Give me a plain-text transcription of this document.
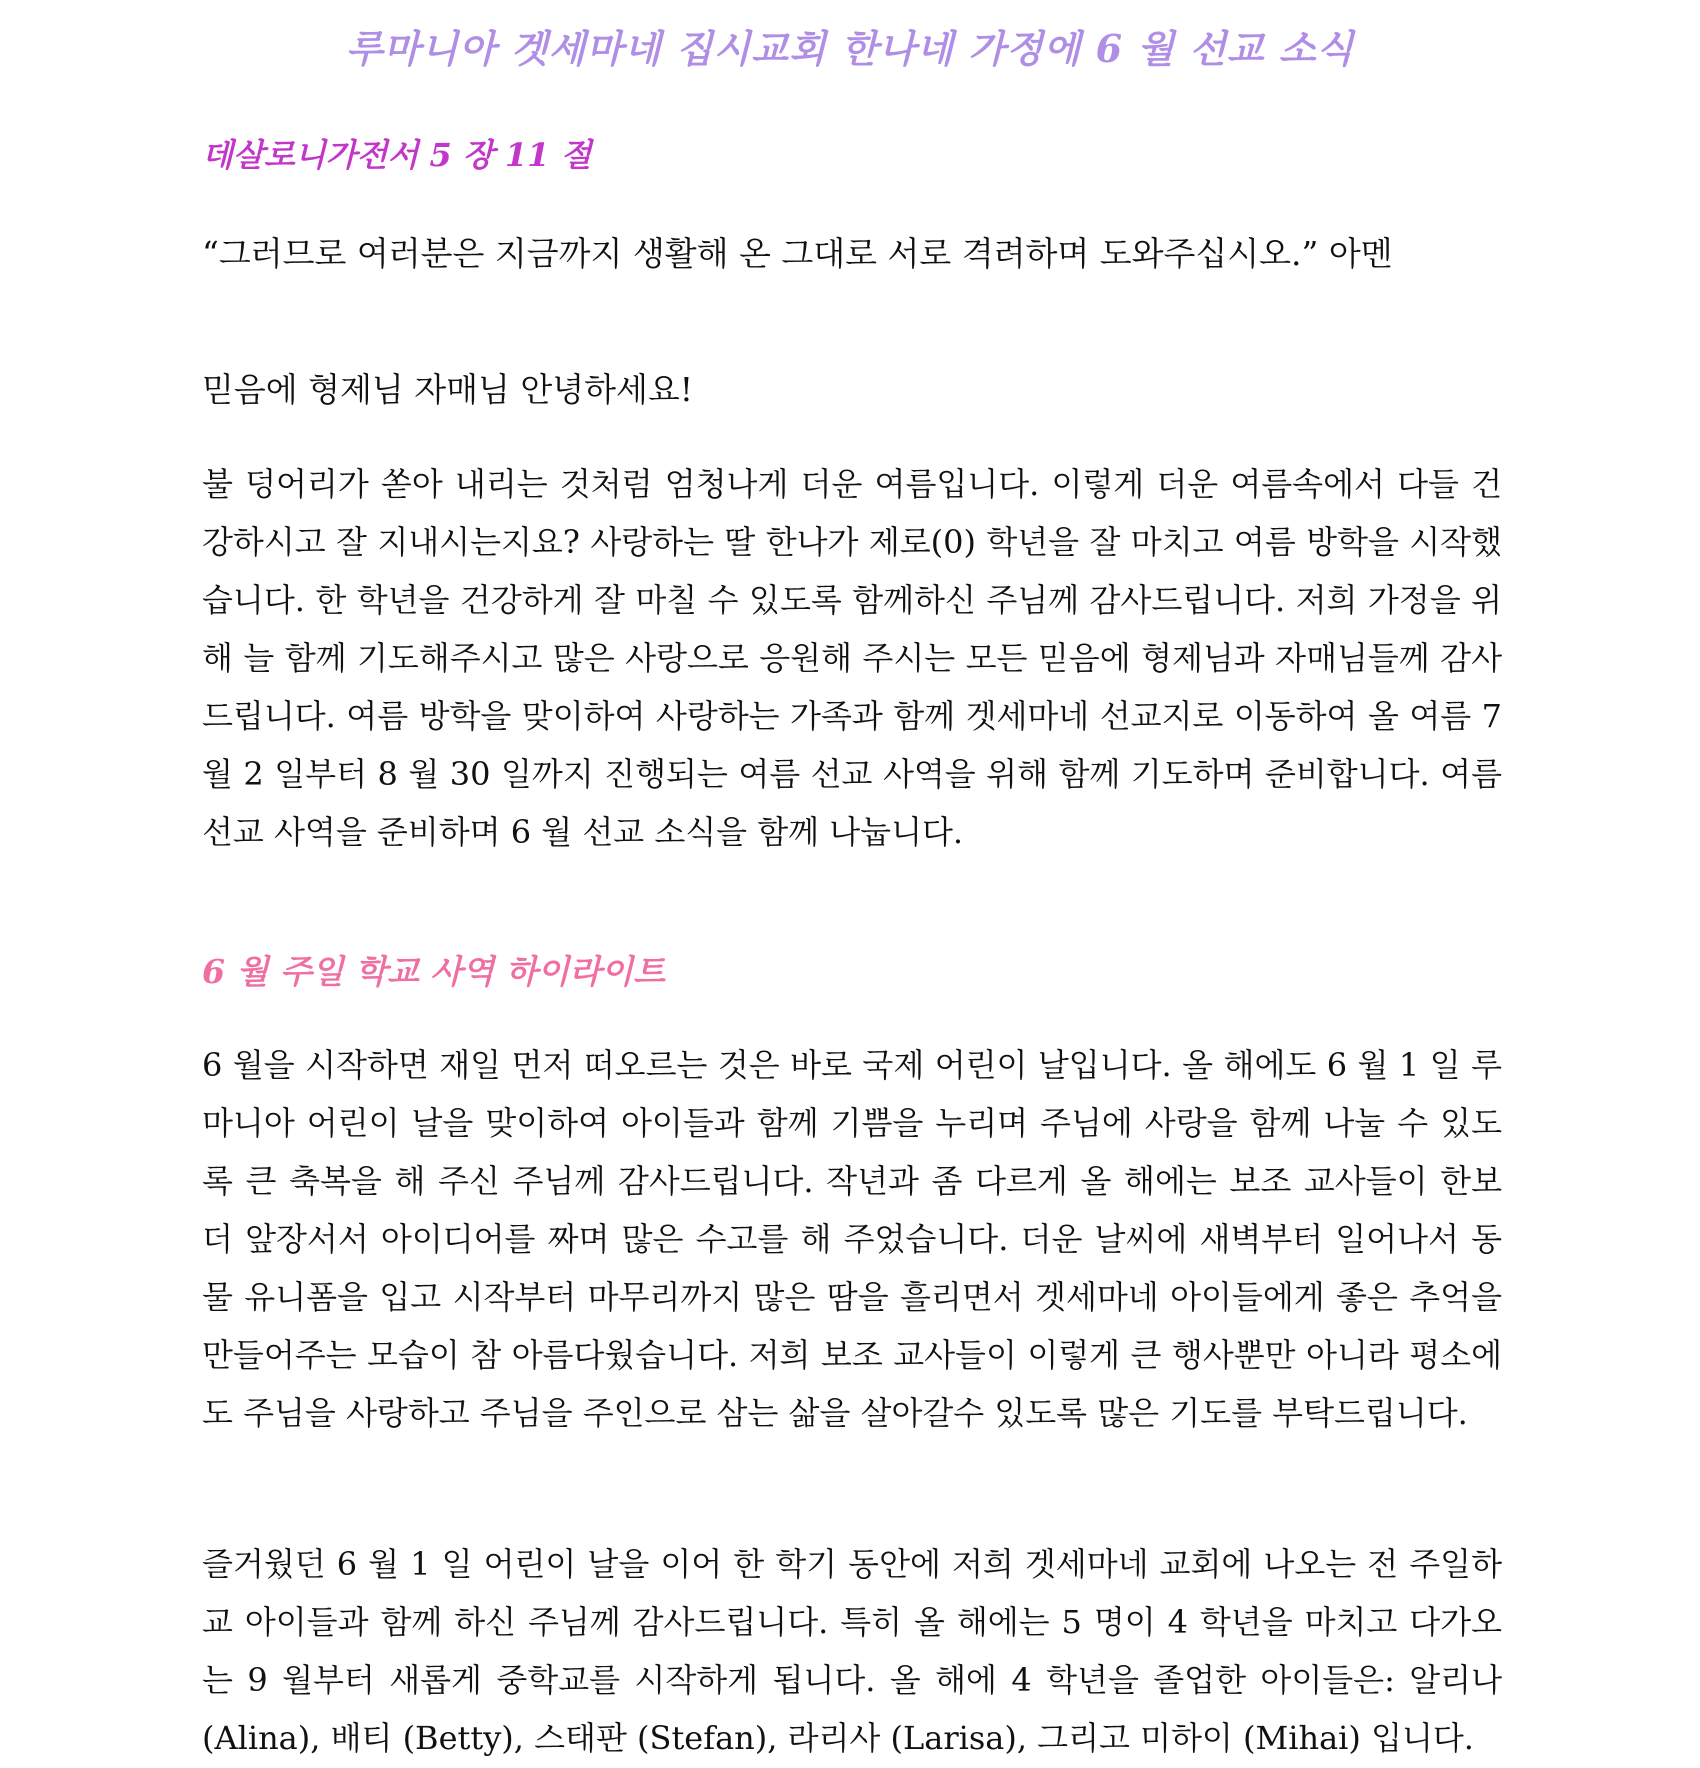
루마니아 겟세마네 집시교회 한나네 가정에 6 월 선교 소식
데살로니가전서 5 장 11 절
“그러므로 여러분은 지금까지 생활해 온 그대로 서로 격려하며 도와주십시오.” 아멘
믿음에 형제님 자매님 안녕하세요!
불 덩어리가 쏟아 내리는 것처럼 엄청나게 더운 여름입니다. 이렇게 더운 여름속에서 다들 건강하시고 잘 지내시는지요? 사랑하는 딸 한나가 제로(0) 학년을 잘 마치고 여름 방학을 시작했습니다. 한 학년을 건강하게 잘 마칠 수 있도록 함께하신 주님께 감사드립니다. 저희 가정을 위해 늘 함께 기도해주시고 많은 사랑으로 응원해 주시는 모든 믿음에 형제님과 자매님들께 감사드립니다. 여름 방학을 맞이하여 사랑하는 가족과 함께 겟세마네 선교지로 이동하여 올 여름 7 월 2 일부터 8 월 30 일까지 진행되는 여름 선교 사역을 위해 함께 기도하며 준비합니다. 여름 선교 사역을 준비하며 6 월 선교 소식을 함께 나눕니다.
6 월 주일 학교 사역 하이라이트
6 월을 시작하면 재일 먼저 떠오르는 것은 바로 국제 어린이 날입니다. 올 해에도 6 월 1 일 루마니아 어린이 날을 맞이하여 아이들과 함께 기쁨을 누리며 주님에 사랑을 함께 나눌 수 있도록 큰 축복을 해 주신 주님께 감사드립니다. 작년과 좀 다르게 올 해에는 보조 교사들이 한보 더 앞장서서 아이디어를 짜며 많은 수고를 해 주었습니다. 더운 날씨에 새벽부터 일어나서 동물 유니폼을 입고 시작부터 마무리까지 많은 땀을 흘리면서 겟세마네 아이들에게 좋은 추억을 만들어주는 모습이 참 아름다웠습니다. 저희 보조 교사들이 이렇게 큰 행사뿐만 아니라 평소에도 주님을 사랑하고 주님을 주인으로 삼는 삶을 살아갈수 있도록 많은 기도를 부탁드립니다.
즐거웠던 6 월 1 일 어린이 날을 이어 한 학기 동안에 저희 겟세마네 교회에 나오는 전 주일하교 아이들과 함께 하신 주님께 감사드립니다. 특히 올 해에는 5 명이 4 학년을 마치고 다가오는 9 월부터 새롭게 중학교를 시작하게 됩니다. 올 해에 4 학년을 졸업한 아이들은: 알리나 (Alina), 배티 (Betty), 스태판 (Stefan), 라리사 (Larisa), 그리고 미하이 (Mihai) 입니다.
